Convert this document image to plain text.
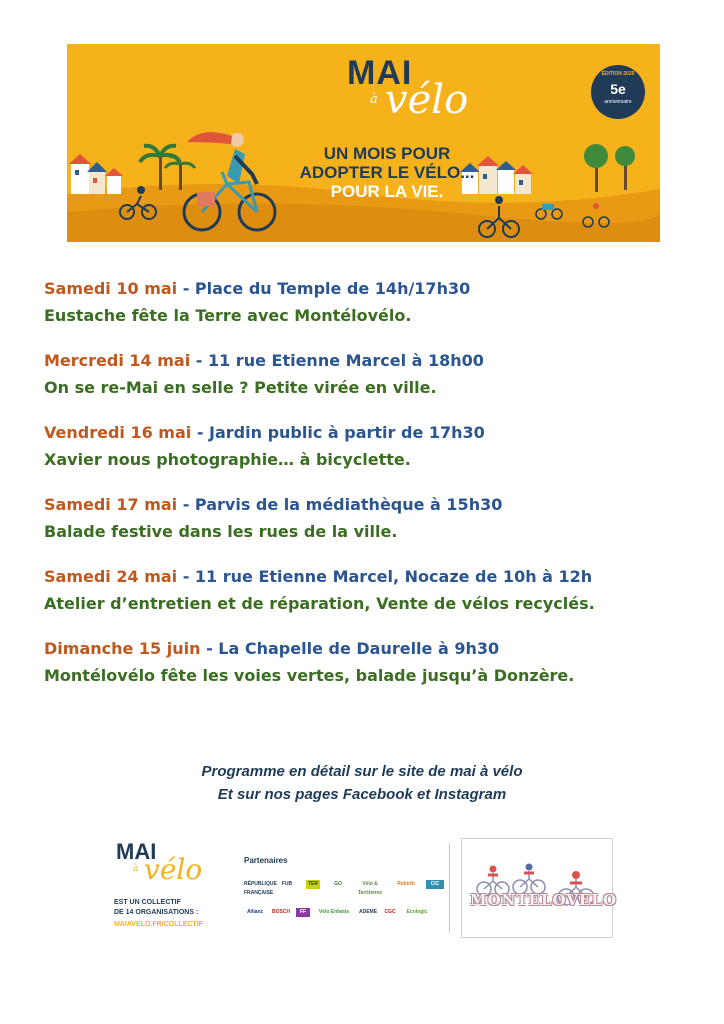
MAI
à vélo
UN MOIS POUR
ADOPTER LE VÉLO...
POUR LA VIE.
ÉDITION 2025
5e
anniversaire
Samedi 10 mai - Place du Temple de 14h/17h30
Eustache fête la Terre avec Montélovélo.
Mercredi 14 mai - 11 rue Etienne Marcel à 18h00
On se re-Mai en selle ? Petite virée en ville.
Vendredi 16 mai - Jardin public à partir de 17h30
Xavier nous photographie… à bicyclette.
Samedi 17 mai - Parvis de la médiathèque à 15h30
Balade festive dans les rues de la ville.
Samedi 24 mai - 11 rue Etienne Marcel, Nocaze de 10h à 12h
Atelier d’entretien et de réparation, Vente de vélos recyclés.
Dimanche 15 juin - La Chapelle de Daurelle à 9h30
Montélovélo fête les voies vertes, balade jusqu’à Donzère.
Programme en détail sur le site de mai à vélo
Et sur nos pages Facebook et Instagram
MAI
à vélo
EST UN COLLECTIF
DE 14 ORGANISATIONS :
MAIAVELO.FR/COLLECTIF
Partenaires
RÉPUBLIQUE FRANÇAISE
FUB	TER	GO	Vélo & Territoires
Rebirth	CIC
Allianz	BOSCH	FF	Vélo Enfants	ADEME	CGC	Ecologic
MONTELOVELO
